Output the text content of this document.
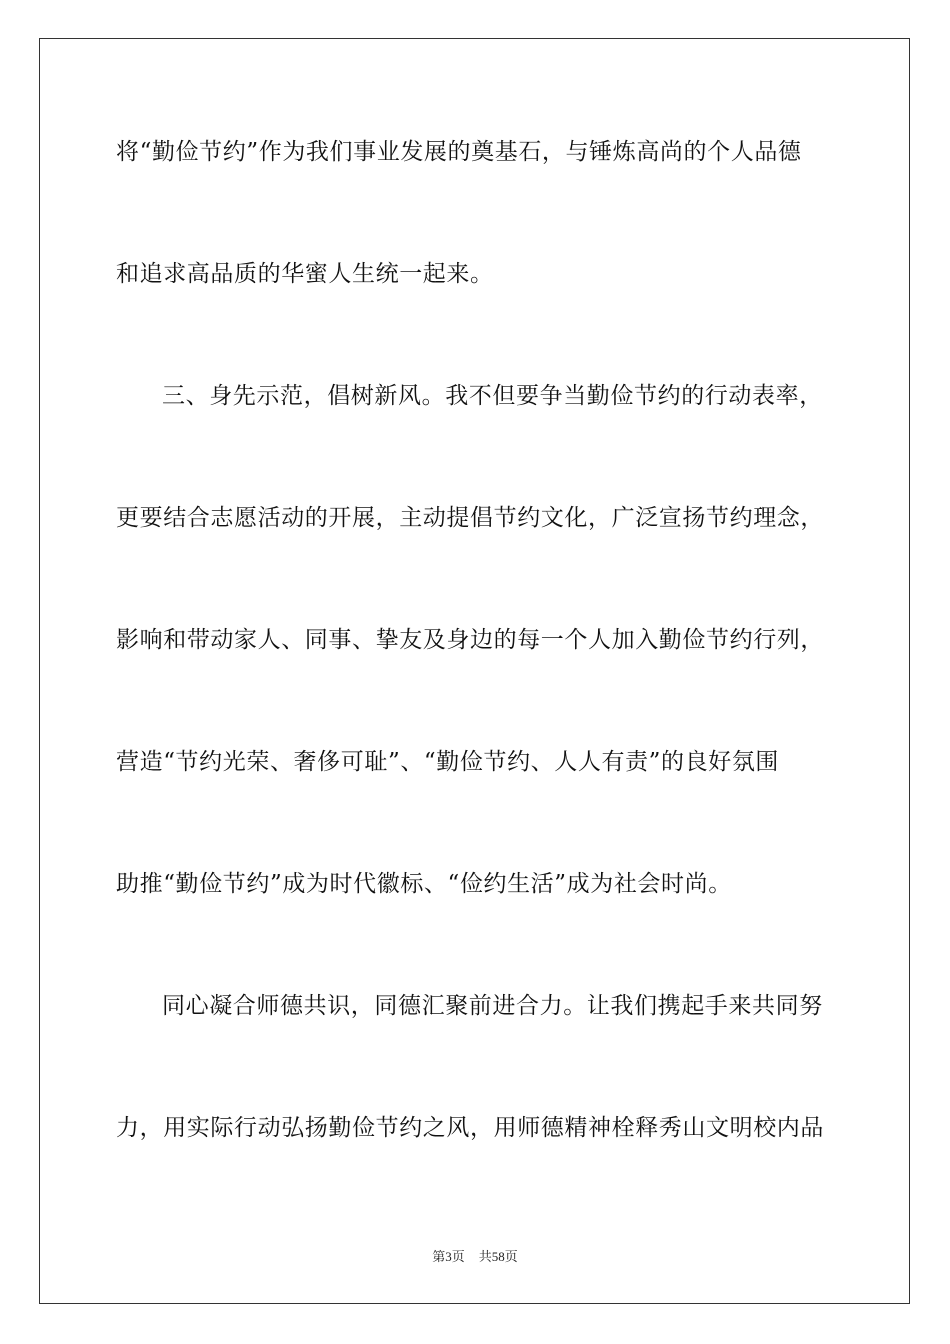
将“勤俭节约”作为我们事业发展的奠基石，与锤炼高尚的个人品德
和追求高品质的华蜜人生统一起来。
三、身先示范，倡树新风。我不但要争当勤俭节约的行动表率，
更要结合志愿活动的开展，主动提倡节约文化，广泛宣扬节约理念，
影响和带动家人、同事、挚友及身边的每一个人加入勤俭节约行列，
营造“节约光荣、奢侈可耻”、“勤俭节约、人人有责”的良好氛围
助推“勤俭节约”成为时代徽标、“俭约生活”成为社会时尚。
同心凝合师德共识，同德汇聚前进合力。让我们携起手来共同努
力，用实际行动弘扬勤俭节约之风，用师德精神栓释秀山文明校内品
第3页 共58页
